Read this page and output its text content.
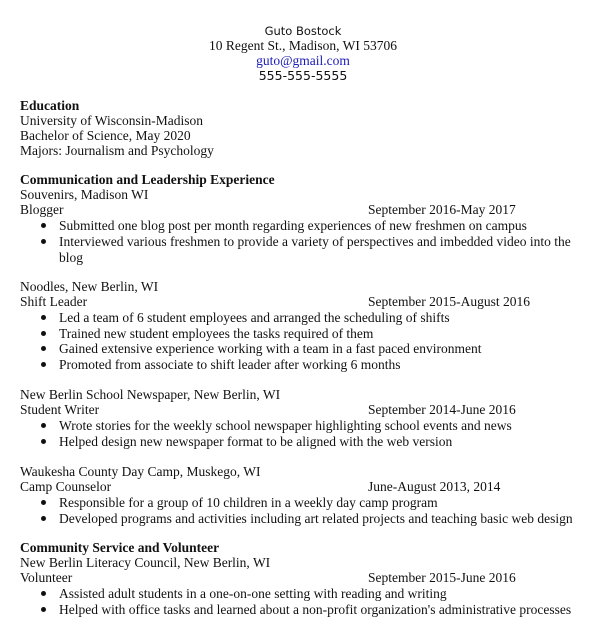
Guto Bostock
10 Regent St., Madison, WI 53706
guto@gmail.com
555-555-5555
Education
University of Wisconsin-Madison
Bachelor of Science, May 2020
Majors: Journalism and Psychology
Communication and Leadership Experience
Souvenirs, Madison WI
Blogger	September 2016-May 2017
Submitted one blog post per month regarding experiences of new freshmen on campus
Interviewed various freshmen to provide a variety of perspectives and imbedded video into the blog
Noodles, New Berlin, WI
Shift Leader	September 2015-August 2016
Led a team of 6 student employees and arranged the scheduling of shifts
Trained new student employees the tasks required of them
Gained extensive experience working with a team in a fast paced environment
Promoted from associate to shift leader after working 6 months
New Berlin School Newspaper, New Berlin, WI
Student Writer	September 2014-June 2016
Wrote stories for the weekly school newspaper highlighting school events and news
Helped design new newspaper format to be aligned with the web version
Waukesha County Day Camp, Muskego, WI
Camp Counselor	June-August 2013, 2014
Responsible for a group of 10 children in a weekly day camp program
Developed programs and activities including art related projects and teaching basic web design
Community Service and Volunteer
New Berlin Literacy Council, New Berlin, WI
Volunteer	September 2015-June 2016
Assisted adult students in a one-on-one setting with reading and writing
Helped with office tasks and learned about a non-profit organization's administrative processes
